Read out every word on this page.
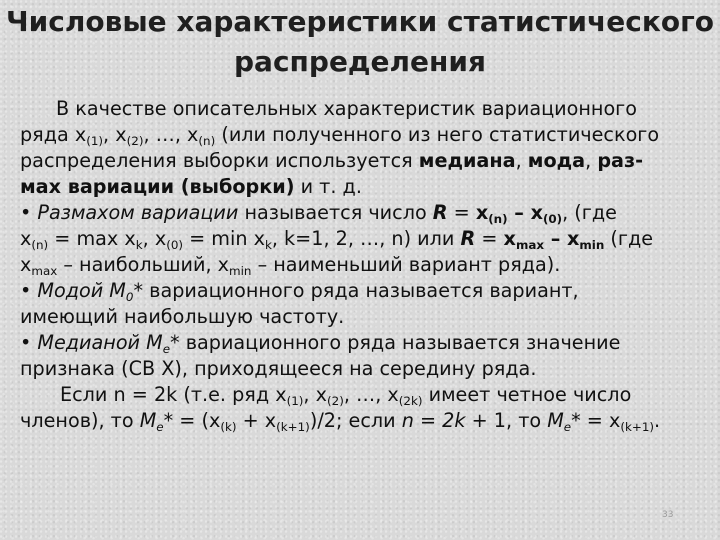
Числовые характеристики статистического
распределения

В качестве описательных характеристик вариационного

ряда $x_{(1)}$, $x_{(2)}$, …, $x_{(n)}$ (или полученного из него статистического

распределения выборки используется медиана, мода, раз-

мах вариации (выборки) и т. д.

• Размахом вариации называется число $R = x_{(n)} - x_{(0)}$, (где

$x_{(n)} = \max x_k$, $x_{(0)} = \min x_k$, k=1, 2, …, n) или $R = x_{max} - x_{min}$ (где

$x_{max}$ – наибольший, $x_{min}$ – наименьший вариант ряда).

• Модой $M_0*$ вариационного ряда называется вариант,

имеющий наибольшую частоту.

• Медианой $M_e*$ вариационного ряда называется значение

признака (СВ X), приходящееся на середину ряда.

Если n = 2k (т.е. ряд $x_{(1)}$, $x_{(2)}$, …, $x_{(2k)}$ имеет четное число

членов), то $M_e* = (x_{(k)} + x_{(k+1)})/2$; если n = 2k + 1, то $M_e* = x_{(k+1)}$.

33
